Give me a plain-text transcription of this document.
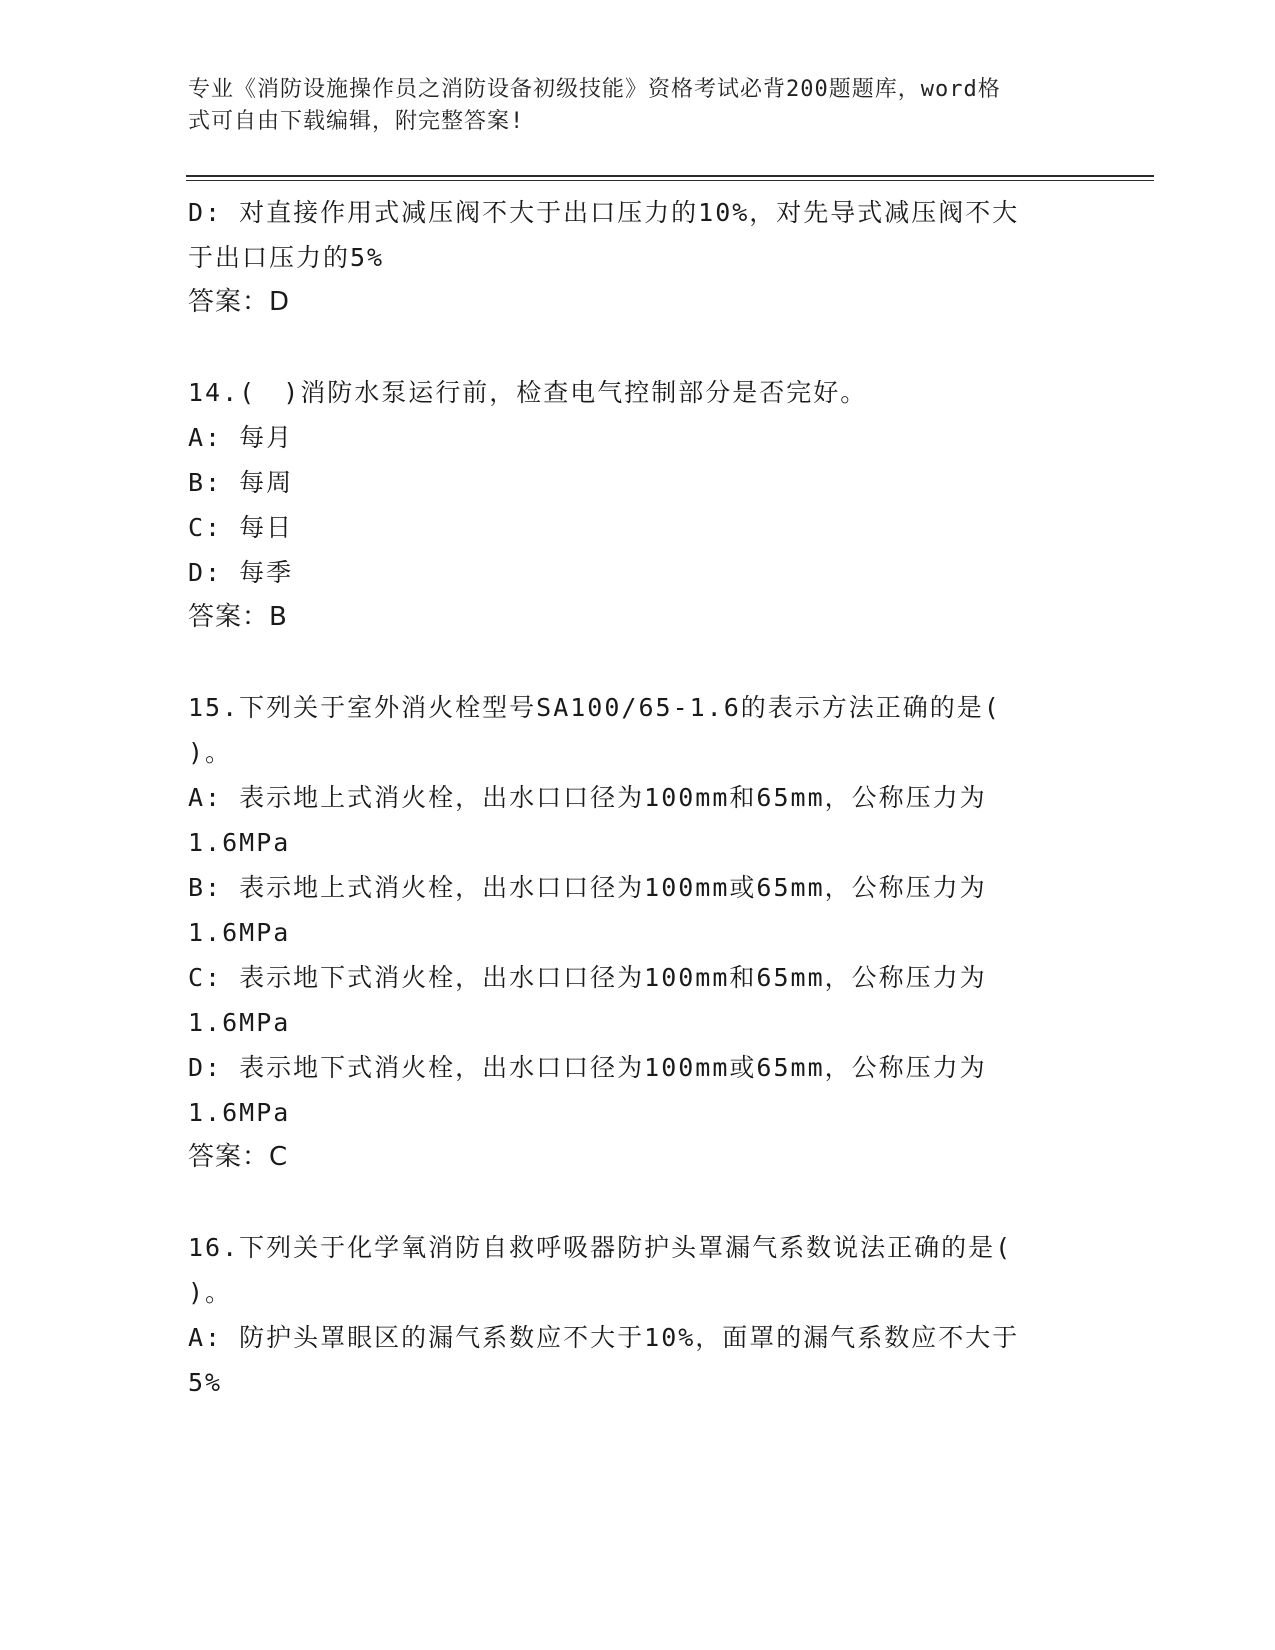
专业《消防设施操作员之消防设备初级技能》资格考试必背200题题库，word格
式可自由下载编辑，附完整答案!
D: 对直接作用式减压阀不大于出口压力的10%，对先导式减压阀不大
于出口压力的5%
答案：D
14.(　)消防水泵运行前，检查电气控制部分是否完好。
A: 每月
B: 每周
C: 每日
D: 每季
答案：B
15.下列关于室外消火栓型号SA100/65-1.6的表示方法正确的是(
)。
A: 表示地上式消火栓，出水口口径为100mm和65mm，公称压力为
1.6MPa
B: 表示地上式消火栓，出水口口径为100mm或65mm，公称压力为
1.6MPa
C: 表示地下式消火栓，出水口口径为100mm和65mm，公称压力为
1.6MPa
D: 表示地下式消火栓，出水口口径为100mm或65mm，公称压力为
1.6MPa
答案：C
16.下列关于化学氧消防自救呼吸器防护头罩漏气系数说法正确的是(
)。
A: 防护头罩眼区的漏气系数应不大于10%，面罩的漏气系数应不大于
5%
